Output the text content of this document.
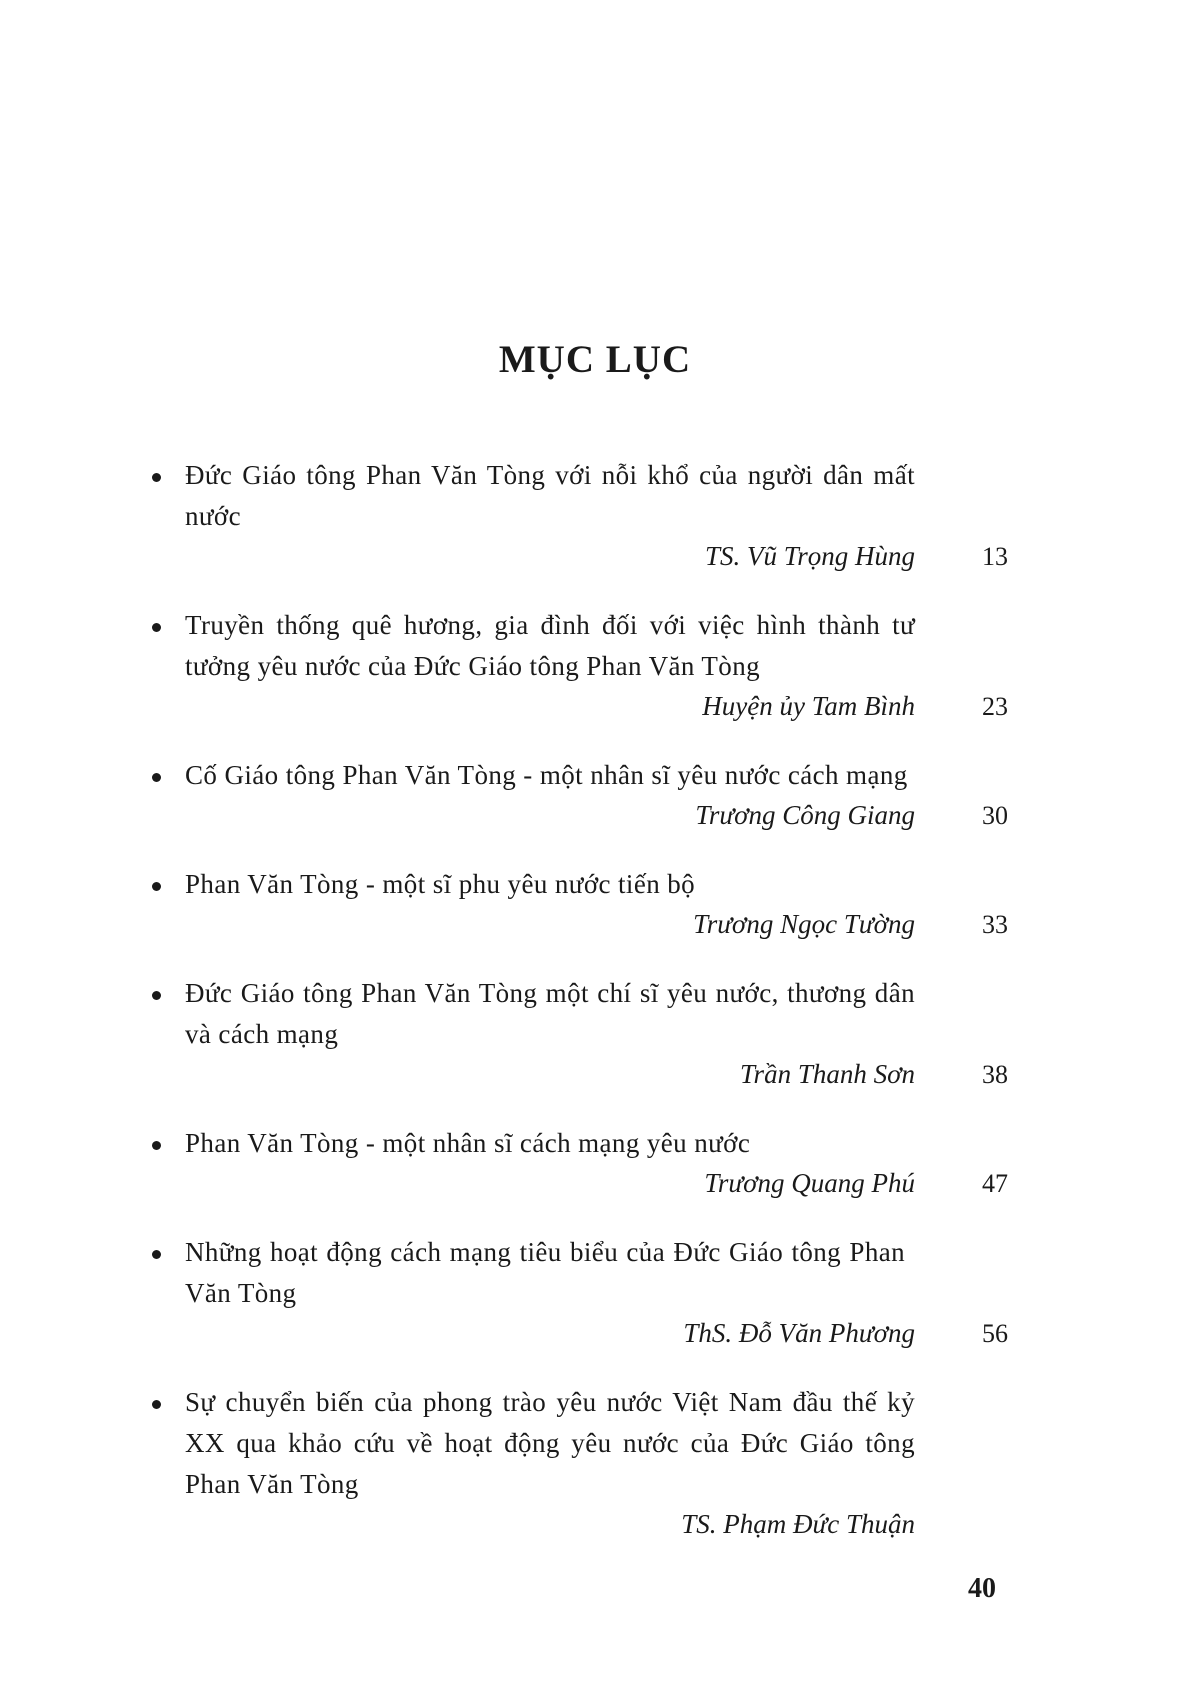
MỤC LỤC
Đức Giáo tông Phan Văn Tòng với nỗi khổ của người dân mất nước
TS. Vũ Trọng Hùng	13
Truyền thống quê hương, gia đình đối với việc hình thành tư tưởng yêu nước của Đức Giáo tông Phan Văn Tòng
Huyện ủy Tam Bình	23
Cố Giáo tông Phan Văn Tòng - một nhân sĩ yêu nước cách mạng
Trương Công Giang	30
Phan Văn Tòng - một sĩ phu yêu nước tiến bộ
Trương Ngọc Tường	33
Đức Giáo tông Phan Văn Tòng một chí sĩ yêu nước, thương dân và cách mạng
Trần Thanh Sơn	38
Phan Văn Tòng - một nhân sĩ cách mạng yêu nước
Trương Quang Phú	47
Những hoạt động cách mạng tiêu biểu của Đức Giáo tông Phan Văn Tòng
ThS. Đỗ Văn Phương	56
Sự chuyển biến của phong trào yêu nước Việt Nam đầu thế kỷ XX qua khảo cứu về hoạt động yêu nước của Đức Giáo tông Phan Văn Tòng
TS. Phạm Đức Thuận
40
